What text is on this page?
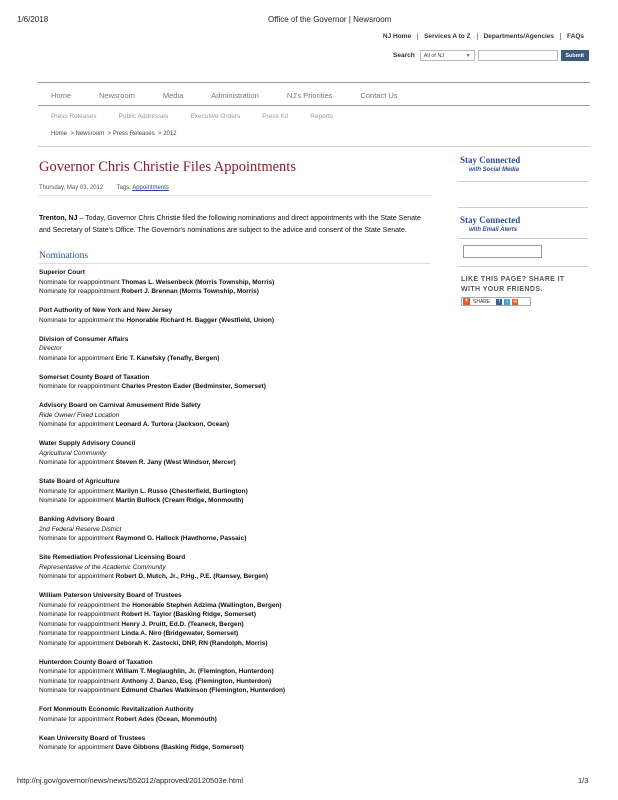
1/6/2018	Office of the Governor | Newsroom
NJ Home	Services A to Z	Departments/Agencies	FAQs
Search All of NJ	▼	Submit
Home	Newsroom	Media	Administration	NJ's Priorities	Contact Us
Press Releases	Public Addresses	Executive Orders	Press Kit	Reports
Home  > Newsroom  > Press Releases  > 2012
Governor Chris Christie Files Appointments
Thursday, May 03, 2012 Tags: Appointments
Trenton, NJ – Today, Governor Chris Christie filed the following nominations and direct appointments with the State Senate and Secretary of State's Office. The Governor's nominations are subject to the advice and consent of the State Senate.
Nominations
Superior Court
Nominate for reappointment Thomas L. Weisenbeck (Morris Township, Morris)
Nominate for reappointment Robert J. Brennan (Morris Township, Morris)
Port Authority of New York and New Jersey
Nominate for appointment the Honorable Richard H. Bagger (Westfield, Union)
Division of Consumer Affairs
Director
Nominate for appointment Eric T. Kanefsky (Tenafly, Bergen)
Somerset County Board of Taxation
Nominate for reappointment Charles Preston Eader (Bedminster, Somerset)
Advisory Board on Carnival Amusement Ride Safety
Ride Owner/ Fixed Location
Nominate for appointment Leonard A. Turtora (Jackson, Ocean)
Water Supply Advisory Council
Agricultural Community
Nominate for appointment Steven R. Jany (West Windsor, Mercer)
State Board of Agriculture
Nominate for appointment Marilyn L. Russo (Chesterfield, Burlington)
Nominate for appointment Martin Bullock (Cream Ridge, Monmouth)
Banking Advisory Board
2nd Federal Reserve District
Nominate for appointment Raymond G. Hallock (Hawthorne, Passaic)
Site Remediation Professional Licensing Board
Representative of the Academic Community
Nominate for appointment Robert D. Mutch, Jr., P.Hg., P.E. (Ramsey, Bergen)
William Paterson University Board of Trustees
Nominate for reappointment the Honorable Stephen Adzima (Wallington, Bergen)
Nominate for reappointment Robert H. Taylor (Basking Ridge, Somerset)
Nominate for reappointment Henry J. Pruitt, Ed.D. (Teaneck, Bergen)
Nominate for reappointment Linda A. Niro (Bridgewater, Somerset)
Nominate for appointment Deborah K. Zastocki, DNP, RN (Randolph, Morris)
Hunterdon County Board of Taxation
Nominate for appointment William T. Meglaughlin, Jr. (Flemington, Hunterdon)
Nominate for reappointment Anthony J. Danzo, Esq. (Flemington, Hunterdon)
Nominate for reappointment Edmund Charles Watkinson (Flemington, Hunterdon)
Fort Monmouth Economic Revitalization Authority
Nominate for appointment Robert Ades (Ocean, Monmouth)
Kean University Board of Trustees
Nominate for appointment Dave Gibbons (Basking Ridge, Somerset)
Stay Connected
with Social Media
Stay Connected
with Email Alerts
LIKE THIS PAGE? SHARE IT WITH YOUR FRIENDS.
+ SHARE	f	t	✉
http://nj.gov/governor/news/news/552012/approved/20120503e.html	1/3
